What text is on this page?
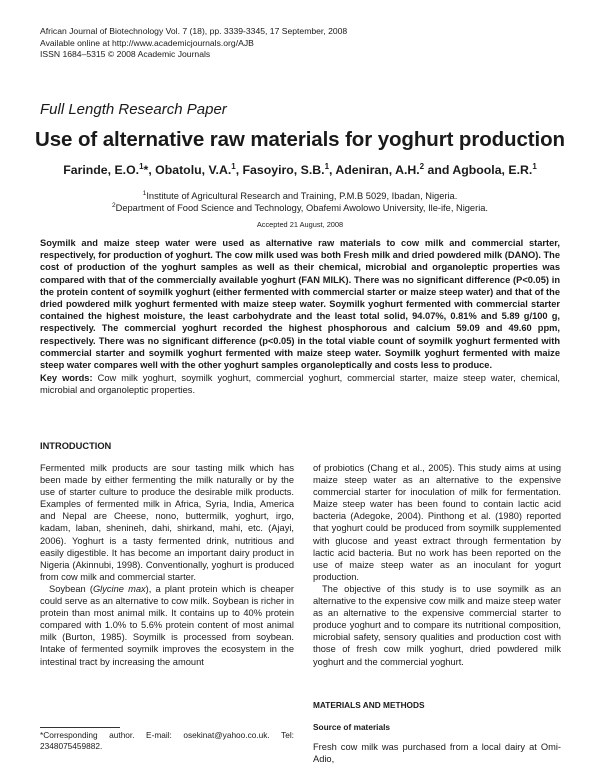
African Journal of Biotechnology Vol. 7 (18), pp. 3339-3345, 17 September, 2008
Available online at http://www.academicjournals.org/AJB
ISSN 1684–5315 © 2008 Academic Journals
Full Length Research Paper
Use of alternative raw materials for yoghurt production
Farinde, E.O.$^1$*, Obatolu, V.A.$^1$, Fasoyiro, S.B.$^1$, Adeniran, A.H.$^2$ and Agboola, E.R.$^1$
$^1$Institute of Agricultural Research and Training, P.M.B 5029, Ibadan, Nigeria.
$^2$Department of Food Science and Technology, Obafemi Awolowo University, Ile-ife, Nigeria.
Accepted 21 August, 2008

Soymilk and maize steep water were used as alternative raw materials to cow milk and commercial starter, respectively, for production of yoghurt. The cow milk used was both Fresh milk and dried powdered milk (DANO). The cost of production of the yoghurt samples as well as their chemical, microbial and organoleptic properties was compared with that of the commercially available yoghurt (FAN MILK). There was no significant difference (P<0.05) in the protein content of soymilk yoghurt (either fermented with commercial starter or maize steep water) and that of the dried powdered milk yoghurt fermented with maize steep water. Soymilk yoghurt fermented with commercial starter contained the highest moisture, the least carbohydrate and the least total solid, 94.07%, 0.81% and 5.89 g/100 g, respectively. The commercial yoghurt recorded the highest phosphorous and calcium 59.09 and 49.60 ppm, respectively. There was no significant difference (p<0.05) in the total viable count of soymilk yoghurt fermented with commercial starter and soymilk yoghurt fermented with maize steep water. Soymilk yoghurt fermented with maize steep water compares well with the other yoghurt samples organoleptically and costs less to produce.

Key words: Cow milk yoghurt, soymilk yoghurt, commercial yoghurt, commercial starter, maize steep water, chemical, microbial and organoleptic properties.

INTRODUCTION

Fermented milk products are sour tasting milk which has been made by either fermenting the milk naturally or by the use of starter culture to produce the desirable milk products. Examples of fermented milk in Africa, Syria, India, America and Nepal are Cheese, nono, buttermilk, yoghurt, irgo, kadam, laban, shenineh, dahi, shirkand, mahi, etc. (Ajayi, 2006). Yoghurt is a tasty fermented drink, nutritious and easily digestible. It has become an important dairy product in Nigeria (Akinnubi, 1998). Conventionally, yoghurt is produced from cow milk and commercial starter.

Soybean (Glycine max), a plant protein which is cheaper could serve as an alternative to cow milk. Soybean is richer in protein than most animal milk. It contains up to 40% protein compared with 1.0% to 5.6% protein content of most animal milk (Burton, 1985). Soymilk is processed from soybean. Intake of fermented soymilk improves the ecosystem in the intestinal tract by increasing the amount

of probiotics (Chang et al., 2005). This study aims at using maize steep water as an alternative to the expensive commercial starter for inoculation of milk for fermentation. Maize steep water has been found to contain lactic acid bacteria (Adegoke, 2004). Pinthong et al. (1980) reported that yoghurt could be produced from soymilk supplemented with glucose and yeast extract through fermentation by lactic acid bacteria. But no work has been reported on the use of maize steep water as an inoculant for yogurt production.

The objective of this study is to use soymilk as an alternative to the expensive cow milk and maize steep water as an alternative to the expensive commercial starter to produce yoghurt and to compare its nutritional composition, microbial safety, sensory qualities and production cost with those of fresh cow milk yoghurt, dried powdered milk yoghurt and the commercial yoghurt.

MATERIALS AND METHODS
Source of materials

Fresh cow milk was purchased from a local dairy at Omi-Adio,

*Corresponding author. E-mail: osekinat@yahoo.co.uk. Tel: 2348075459882.
